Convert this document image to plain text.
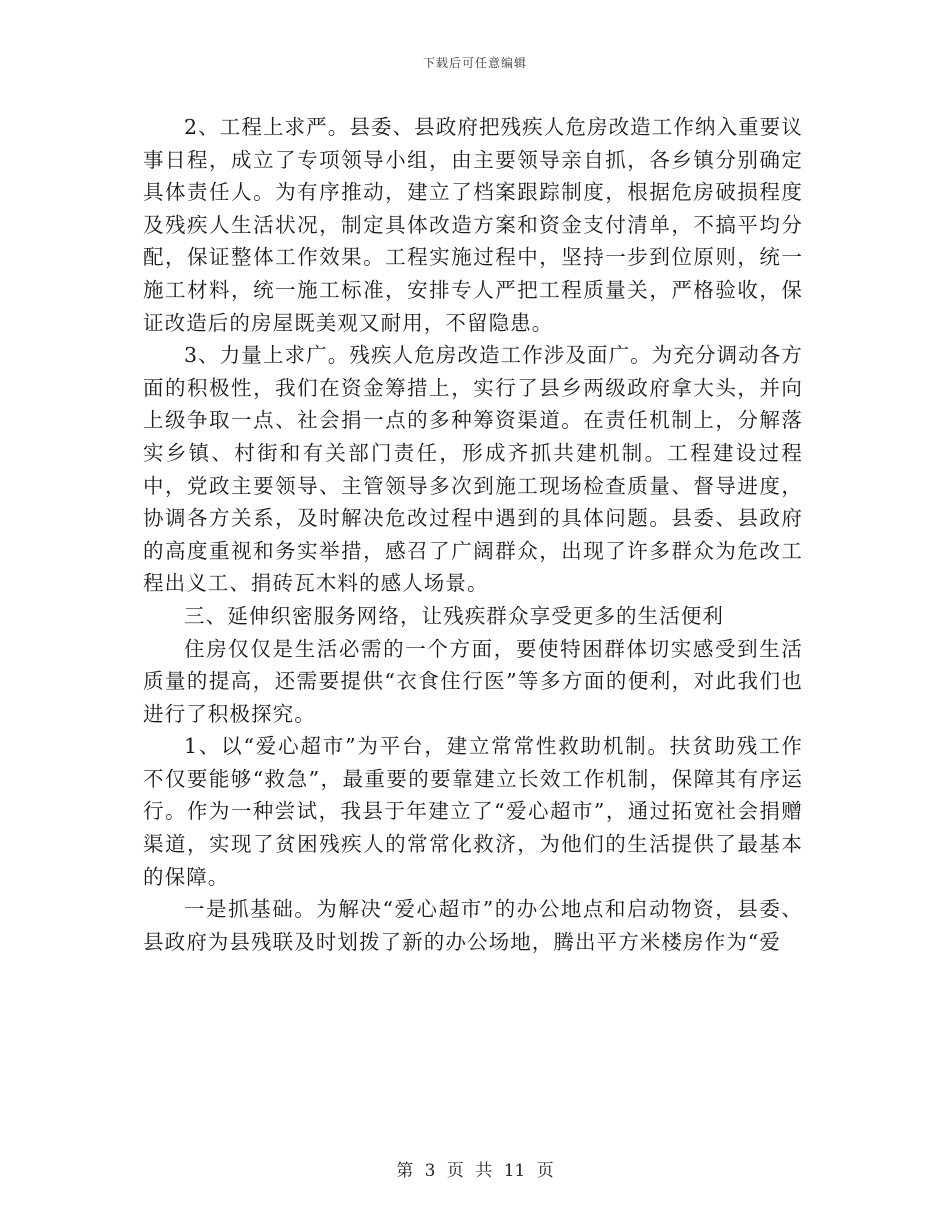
下载后可任意编辑

2、工程上求严。县委、县政府把残疾人危房改造工作纳入重要议事日程，成立了专项领导小组，由主要领导亲自抓，各乡镇分别确定具体责任人。为有序推动，建立了档案跟踪制度，根据危房破损程度及残疾人生活状况，制定具体改造方案和资金支付清单，不搞平均分配，保证整体工作效果。工程实施过程中，坚持一步到位原则，统一施工材料，统一施工标准，安排专人严把工程质量关，严格验收，保证改造后的房屋既美观又耐用，不留隐患。

3、力量上求广。残疾人危房改造工作涉及面广。为充分调动各方面的积极性，我们在资金筹措上，实行了县乡两级政府拿大头，并向上级争取一点、社会捐一点的多种筹资渠道。在责任机制上，分解落实乡镇、村街和有关部门责任，形成齐抓共建机制。工程建设过程中，党政主要领导、主管领导多次到施工现场检查质量、督导进度，协调各方关系，及时解决危改过程中遇到的具体问题。县委、县政府的高度重视和务实举措，感召了广阔群众，出现了许多群众为危改工程出义工、捐砖瓦木料的感人场景。

三、延伸织密服务网络，让残疾群众享受更多的生活便利

住房仅仅是生活必需的一个方面，要使特困群体切实感受到生活质量的提高，还需要提供“衣食住行医”等多方面的便利，对此我们也进行了积极探究。

1、以“爱心超市”为平台，建立常常性救助机制。扶贫助残工作不仅要能够“救急”，最重要的要靠建立长效工作机制，保障其有序运行。作为一种尝试，我县于年建立了“爱心超市”，通过拓宽社会捐赠渠道，实现了贫困残疾人的常常化救济，为他们的生活提供了最基本的保障。

一是抓基础。为解决“爱心超市”的办公地点和启动物资，县委、县政府为县残联及时划拨了新的办公场地，腾出平方米楼房作为“爱

第 3 页 共 11 页
